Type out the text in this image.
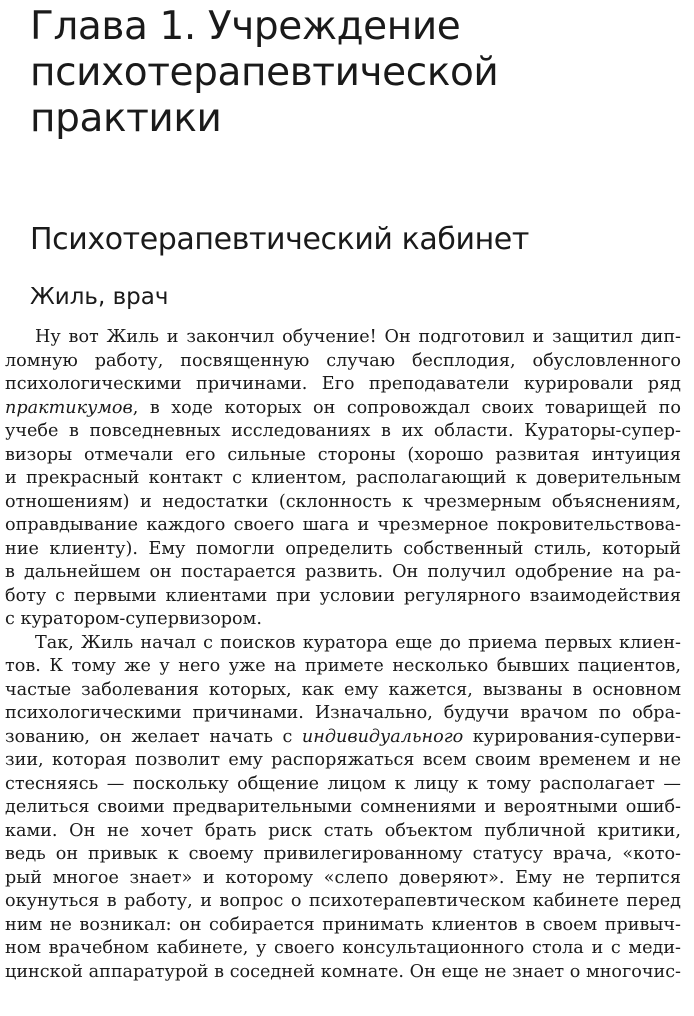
Глава 1. Учреждение
психотерапевтической
практики
Психотерапевтический кабинет
Жиль, врач
Ну вот Жиль и закончил обучение! Он подготовил и защитил дип-
ломную работу, посвященную случаю бесплодия, обусловленного
психологическими причинами. Его преподаватели курировали ряд
практикумов, в ходе которых он сопровождал своих товарищей по
учебе в повседневных исследованиях в их области. Кураторы-супер-
визоры отмечали его сильные стороны (хорошо развитая интуиция
и прекрасный контакт с клиентом, располагающий к доверительным
отношениям) и недостатки (склонность к чрезмерным объяснениям,
оправдывание каждого своего шага и чрезмерное покровительствова-
ние клиенту). Ему помогли определить собственный стиль, который
в дальнейшем он постарается развить. Он получил одобрение на ра-
боту с первыми клиентами при условии регулярного взаимодействия
с куратором-супервизором.
Так, Жиль начал с поисков куратора еще до приема первых клиен-
тов. К тому же у него уже на примете несколько бывших пациентов,
частые заболевания которых, как ему кажется, вызваны в основном
психологическими причинами. Изначально, будучи врачом по обра-
зованию, он желает начать с индивидуального курирования-суперви-
зии, которая позволит ему распоряжаться всем своим временем и не
стесняясь — поскольку общение лицом к лицу к тому располагает —
делиться своими предварительными сомнениями и вероятными ошиб-
ками. Он не хочет брать риск стать объектом публичной критики,
ведь он привык к своему привилегированному статусу врача, «кото-
рый многое знает» и которому «слепо доверяют». Ему не терпится
окунуться в работу, и вопрос о психотерапевтическом кабинете перед
ним не возникал: он собирается принимать клиентов в своем привыч-
ном врачебном кабинете, у своего консультационного стола и с меди-
цинской аппаратурой в соседней комнате. Он еще не знает о многочис-
